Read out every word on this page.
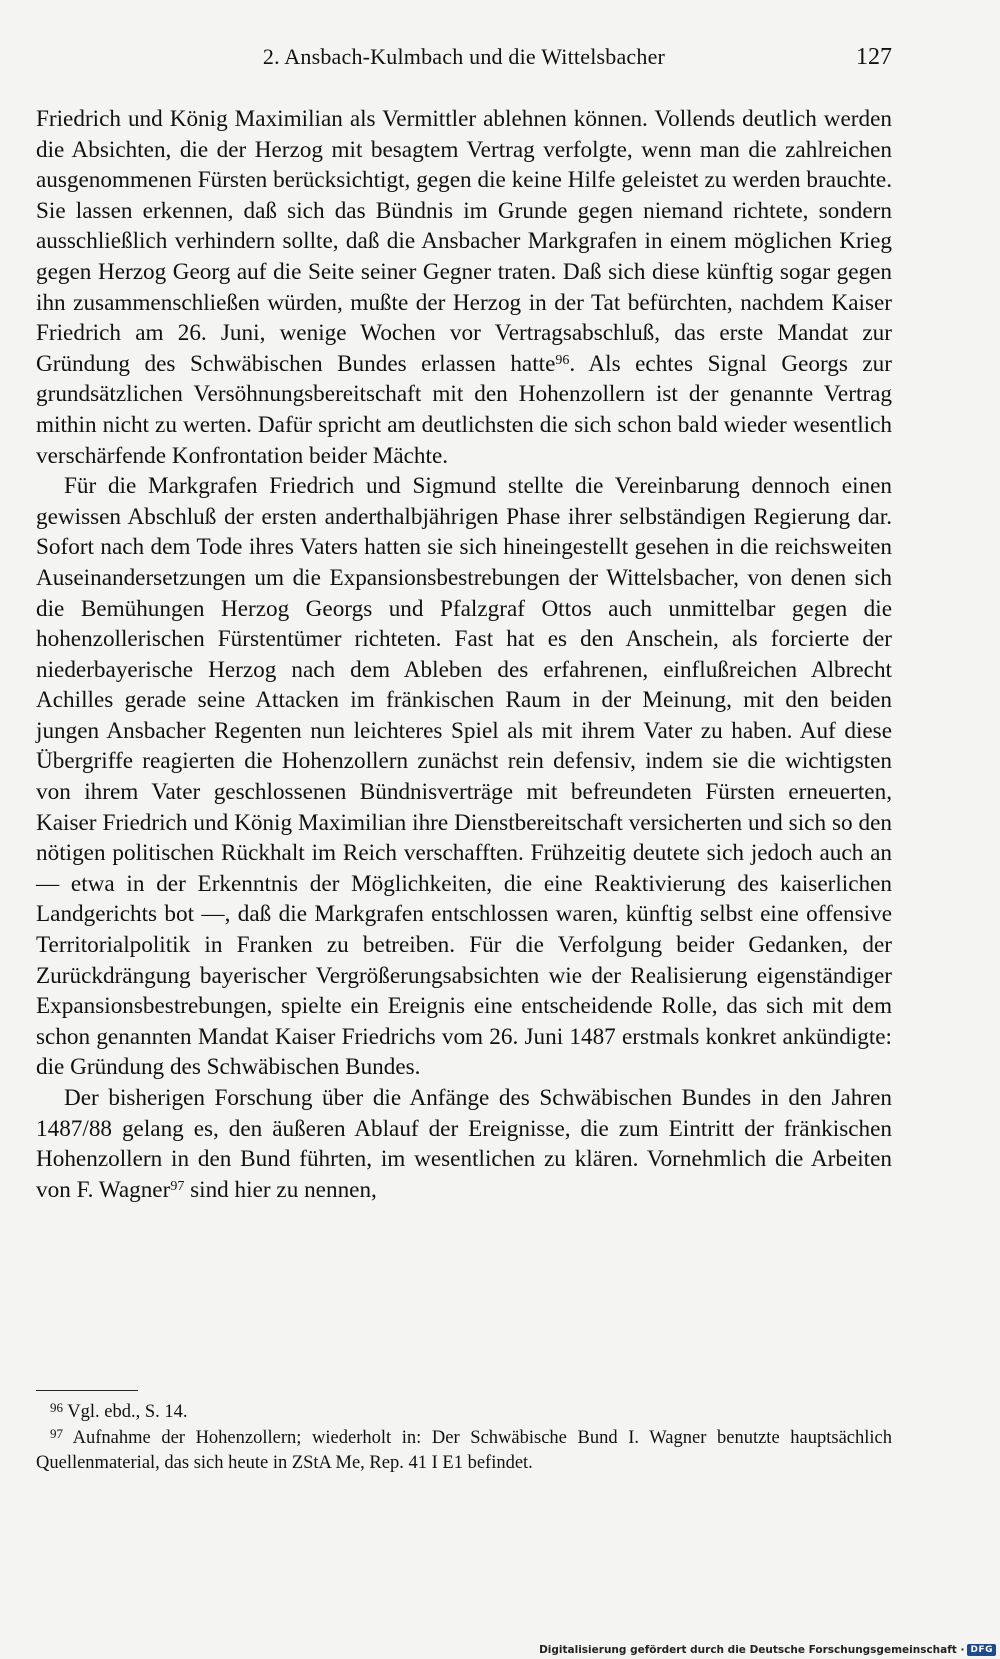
2. Ansbach-Kulmbach und die Wittelsbacher	127

Friedrich und König Maximilian als Vermittler ablehnen können. Vollends deutlich werden die Absichten, die der Herzog mit besagtem Vertrag verfolgte, wenn man die zahlreichen ausgenommenen Fürsten berücksichtigt, gegen die keine Hilfe geleistet zu werden brauchte. Sie lassen erkennen, daß sich das Bündnis im Grunde gegen niemand richtete, sondern ausschließlich verhindern sollte, daß die Ansbacher Markgrafen in einem möglichen Krieg gegen Herzog Georg auf die Seite seiner Gegner traten. Daß sich diese künftig sogar gegen ihn zusammenschließen würden, mußte der Herzog in der Tat befürchten, nachdem Kaiser Friedrich am 26. Juni, wenige Wochen vor Vertragsabschluß, das erste Mandat zur Gründung des Schwäbischen Bundes erlassen hatte$^{96}$. Als echtes Signal Georgs zur grundsätzlichen Versöhnungsbereitschaft mit den Hohenzollern ist der genannte Vertrag mithin nicht zu werten. Dafür spricht am deutlichsten die sich schon bald wieder wesentlich verschärfende Konfrontation beider Mächte.

Für die Markgrafen Friedrich und Sigmund stellte die Vereinbarung dennoch einen gewissen Abschluß der ersten anderthalbjährigen Phase ihrer selbständigen Regierung dar. Sofort nach dem Tode ihres Vaters hatten sie sich hineingestellt gesehen in die reichsweiten Auseinandersetzungen um die Expansionsbestrebungen der Wittelsbacher, von denen sich die Bemühungen Herzog Georgs und Pfalzgraf Ottos auch unmittelbar gegen die hohenzollerischen Fürstentümer richteten. Fast hat es den Anschein, als forcierte der niederbayerische Herzog nach dem Ableben des erfahrenen, einflußreichen Albrecht Achilles gerade seine Attacken im fränkischen Raum in der Meinung, mit den beiden jungen Ansbacher Regenten nun leichteres Spiel als mit ihrem Vater zu haben. Auf diese Übergriffe reagierten die Hohenzollern zunächst rein defensiv, indem sie die wichtigsten von ihrem Vater geschlossenen Bündnisverträge mit befreundeten Fürsten erneuerten, Kaiser Friedrich und König Maximilian ihre Dienstbereitschaft versicherten und sich so den nötigen politischen Rückhalt im Reich verschafften. Frühzeitig deutete sich jedoch auch an — etwa in der Erkenntnis der Möglichkeiten, die eine Reaktivierung des kaiserlichen Landgerichts bot —, daß die Markgrafen entschlossen waren, künftig selbst eine offensive Territorialpolitik in Franken zu betreiben. Für die Verfolgung beider Gedanken, der Zurückdrängung bayerischer Vergrößerungsabsichten wie der Realisierung eigenständiger Expansionsbestrebungen, spielte ein Ereignis eine entscheidende Rolle, das sich mit dem schon genannten Mandat Kaiser Friedrichs vom 26. Juni 1487 erstmals konkret ankündigte: die Gründung des Schwäbischen Bundes.

Der bisherigen Forschung über die Anfänge des Schwäbischen Bundes in den Jahren 1487/88 gelang es, den äußeren Ablauf der Ereignisse, die zum Eintritt der fränkischen Hohenzollern in den Bund führten, im wesentlichen zu klären. Vornehmlich die Arbeiten von F. Wagner$^{97}$ sind hier zu nennen,

$^{96}$ Vgl. ebd., S. 14.

$^{97}$ Aufnahme der Hohenzollern; wiederholt in: Der Schwäbische Bund I. Wagner benutzte hauptsächlich Quellenmaterial, das sich heute in ZStA Me, Rep. 41 I E1 befindet.

Digitalisierung gefördert durch die Deutsche Forschungsgemeinschaft · DFG
